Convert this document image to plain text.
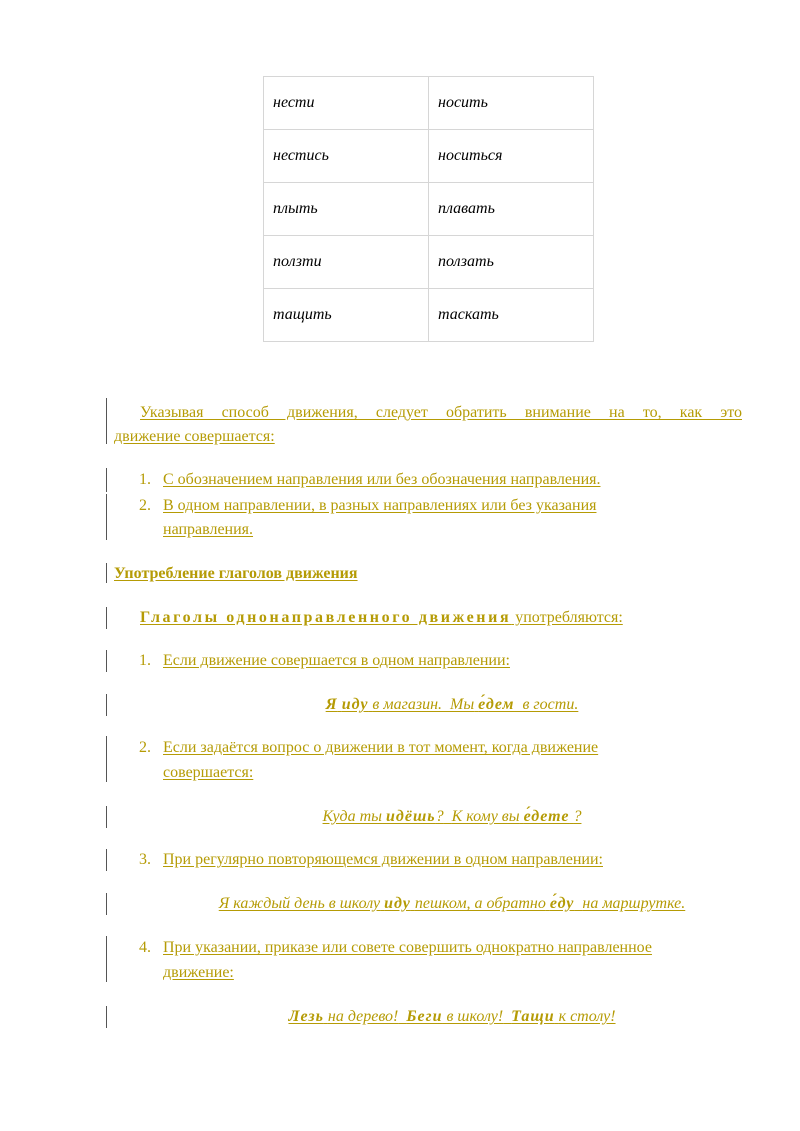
нести	носить
нестись	носиться
плыть	плавать
ползти	ползать
тащить	таскать
Указывая способ движения, следует обратить внимание на то, как это
движение совершается:
1. С обозначением направления или без обозначения направления.
2. В одном направлении, в разных направлениях или без указания
направления.
Употребление глаголов движения
Глаголы однонаправленного движения употребляются:
1. Если движение совершается в одном направлении:
Я иду в магазин. Мы е́дем в гости.
2. Если задаётся вопрос о движении в тот момент, когда движение
совершается:
Куда ты идёшь? К кому вы е́дете ?
3. При регулярно повторяющемся движении в одном направлении:
Я каждый день в школу иду пешком, а обратно е́ду на маршрутке.
4. При указании, приказе или совете совершить однократно направленное
движение:
Лезь на дерево! Беги в школу! Тащи к столу!
